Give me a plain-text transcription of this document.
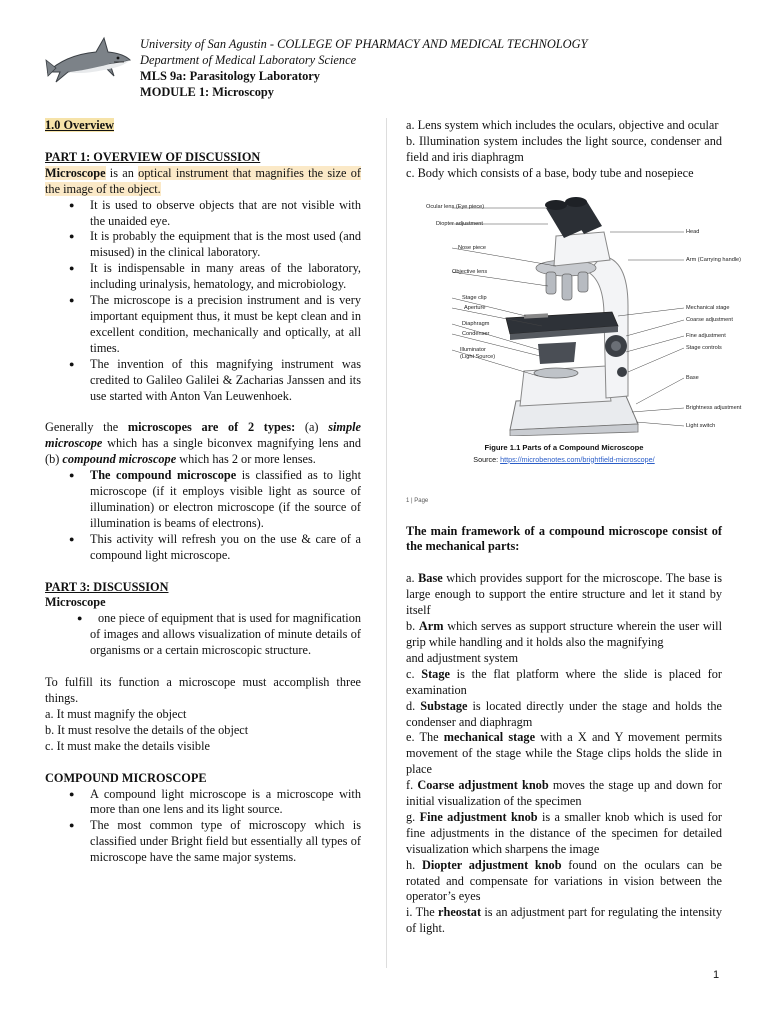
University of San Agustin - COLLEGE OF PHARMACY AND MEDICAL TECHNOLOGY
Department of Medical Laboratory Science
MLS 9a: Parasitology Laboratory
MODULE 1: Microscopy

1.0 Overview

PART 1: OVERVIEW OF DISCUSSION

Microscope is an optical instrument that magnifies the size of the image of the object.

● It is used to observe objects that are not visible with the unaided eye.
● It is probably the equipment that is the most used (and misused) in the clinical laboratory.
● It is indispensable in many areas of the laboratory, including urinalysis, hematology, and microbiology.
● The microscope is a precision instrument and is very important equipment thus, it must be kept clean and in excellent condition, mechanically and optically, at all times.
● The invention of this magnifying instrument was credited to Galileo Galilei & Zacharias Janssen and its use started with Anton Van Leuwenhoek.

Generally the microscopes are of 2 types: (a) simple microscope which has a single biconvex magnifying lens and (b) compound microscope which has 2 or more lenses.

● The compound microscope is classified as to light microscope (if it employs visible light as source of illumination) or electron microscope (if the source of illumination is beams of electrons).
● This activity will refresh you on the use & care of a compound light microscope.

PART 3: DISCUSSION

Microscope

● one piece of equipment that is used for magnification of images and allows visualization of minute details of organisms or a certain microscopic structure.

To fulfill its function a microscope must accomplish three things.

a. It must magnify the object

b. It must resolve the details of the object

c. It must make the details visible

COMPOUND MICROSCOPE

● A compound light microscope is a microscope with more than one lens and its light source.
● The most common type of microscopy which is classified under Bright field but essentially all types of microscope have the same major systems.

a. Lens system which includes the oculars, objective and ocular

b. Illumination system includes the light source, condenser and field and iris diaphragm

c. Body which consists of a base, body tube and nosepiece

Ocular lens (Eye piece)
Diopter adjustment
Nose piece
Objective lens
Stage clip
Aperture
Diaphragm
Condenser
Illuminator
(Light Source)
Head
Arm (Carrying handle)
Mechanical stage
Coarse adjustment
Fine adjustment
Stage controls
Base
Brightness adjustment
Light switch
Figure 1.1 Parts of a Compound Microscope
Source: https://microbenotes.com/brightfield-microscope/
1 | Page

The main framework of a compound microscope consist of the mechanical parts:

a. Base which provides support for the microscope. The base is large enough to support the entire structure and let it stand by itself

b. Arm which serves as support structure wherein the user will grip while handling and it holds also the magnifying

and adjustment system

c. Stage is the flat platform where the slide is placed for examination

d. Substage is located directly under the stage and holds the condenser and diaphragm

e. The mechanical stage with a X and Y movement permits movement of the stage while the Stage clips holds the slide in place

f. Coarse adjustment knob moves the stage up and down for initial visualization of the specimen

g. Fine adjustment knob is a smaller knob which is used for fine adjustments in the distance of the specimen for detailed visualization which sharpens the image

h. Diopter adjustment knob found on the oculars can be rotated and compensate for variations in vision between the operator’s eyes

i. The rheostat is an adjustment part for regulating the intensity of light.

1
